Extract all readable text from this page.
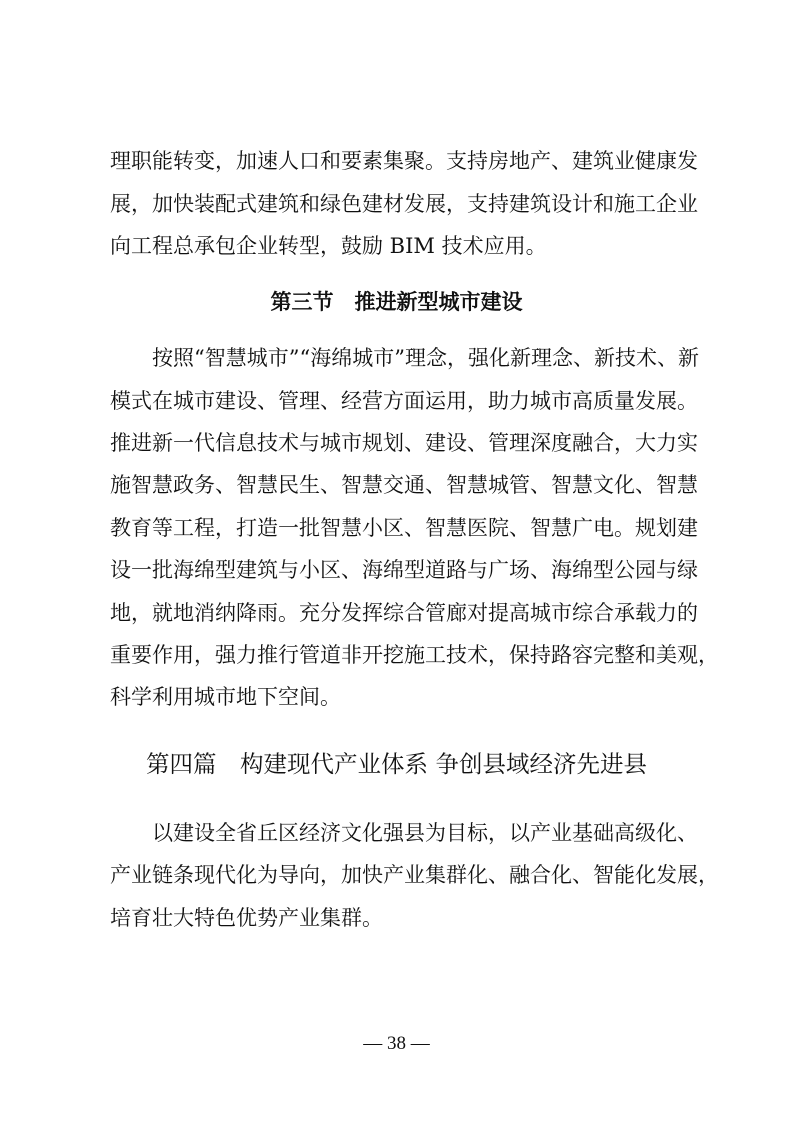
理职能转变，加速人口和要素集聚。支持房地产、建筑业健康发
展，加快装配式建筑和绿色建材发展，支持建筑设计和施工企业
向工程总承包企业转型，鼓励 BIM 技术应用。
第三节　推进新型城市建设
按照“智慧城市”“海绵城市”理念，强化新理念、新技术、新
模式在城市建设、管理、经营方面运用，助力城市高质量发展。
推进新一代信息技术与城市规划、建设、管理深度融合，大力实
施智慧政务、智慧民生、智慧交通、智慧城管、智慧文化、智慧
教育等工程，打造一批智慧小区、智慧医院、智慧广电。规划建
设一批海绵型建筑与小区、海绵型道路与广场、海绵型公园与绿
地，就地消纳降雨。充分发挥综合管廊对提高城市综合承载力的
重要作用，强力推行管道非开挖施工技术，保持路容完整和美观，
科学利用城市地下空间。
第四篇　构建现代产业体系 争创县域经济先进县
以建设全省丘区经济文化强县为目标，以产业基础高级化、
产业链条现代化为导向，加快产业集群化、融合化、智能化发展，
培育壮大特色优势产业集群。
— 38 —
